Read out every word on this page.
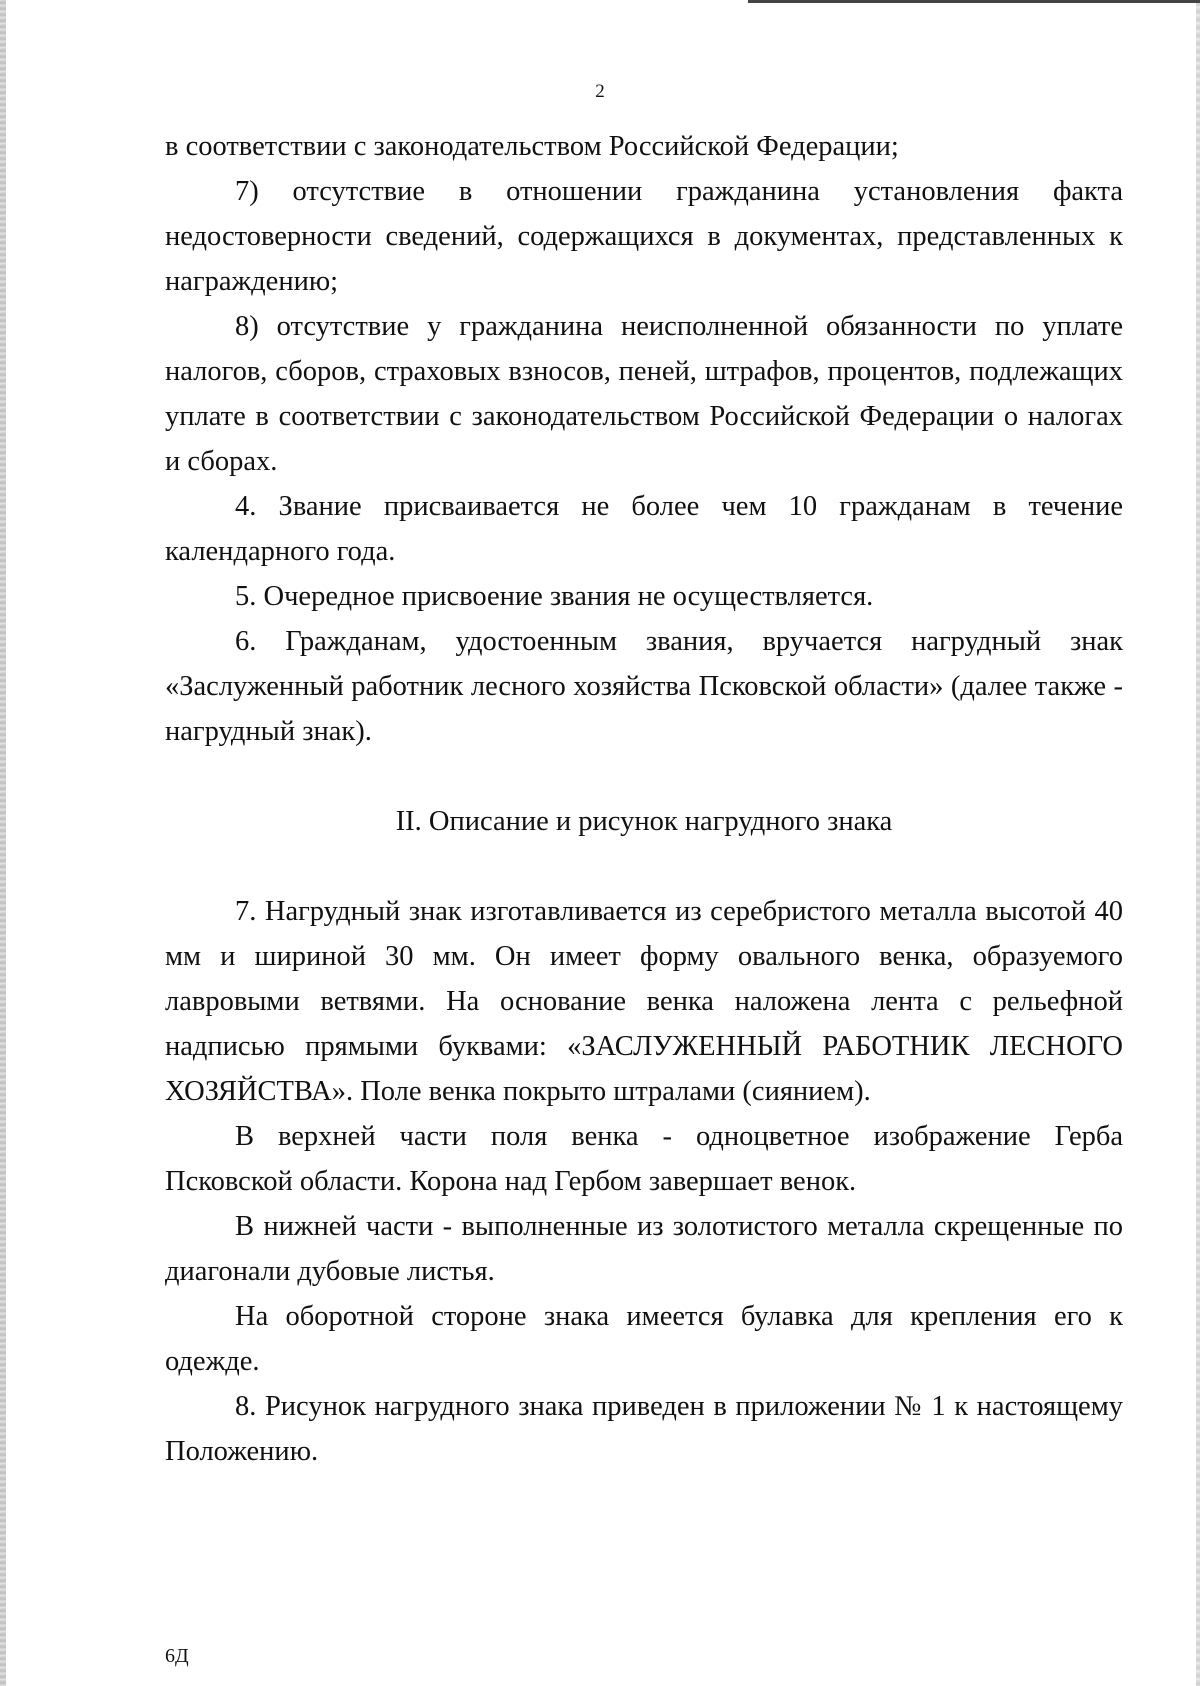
2

в соответствии с законодательством Российской Федерации;

7) отсутствие в отношении гражданина установления факта недостоверности сведений, содержащихся в документах, представленных к награждению;

8) отсутствие у гражданина неисполненной обязанности по уплате налогов, сборов, страховых взносов, пеней, штрафов, процентов, подлежащих уплате в соответствии с законодательством Российской Федерации о налогах и сборах.

4. Звание присваивается не более чем 10 гражданам в течение календарного года.

5. Очередное присвоение звания не осуществляется.

6. Гражданам, удостоенным звания, вручается нагрудный знак «Заслуженный работник лесного хозяйства Псковской области» (далее также - нагрудный знак).

II. Описание и рисунок нагрудного знака

7. Нагрудный знак изготавливается из серебристого металла высотой 40 мм и шириной 30 мм. Он имеет форму овального венка, образуемого лавровыми ветвями. На основание венка наложена лента с рельефной надписью прямыми буквами: «ЗАСЛУЖЕННЫЙ РАБОТНИК ЛЕСНОГО ХОЗЯЙСТВА». Поле венка покрыто штралами (сиянием).

В верхней части поля венка - одноцветное изображение Герба Псковской области. Корона над Гербом завершает венок.

В нижней части - выполненные из золотистого металла скрещенные по диагонали дубовые листья.

На оборотной стороне знака имеется булавка для крепления его к одежде.

8. Рисунок нагрудного знака приведен в приложении № 1 к настоящему Положению.

6Д
